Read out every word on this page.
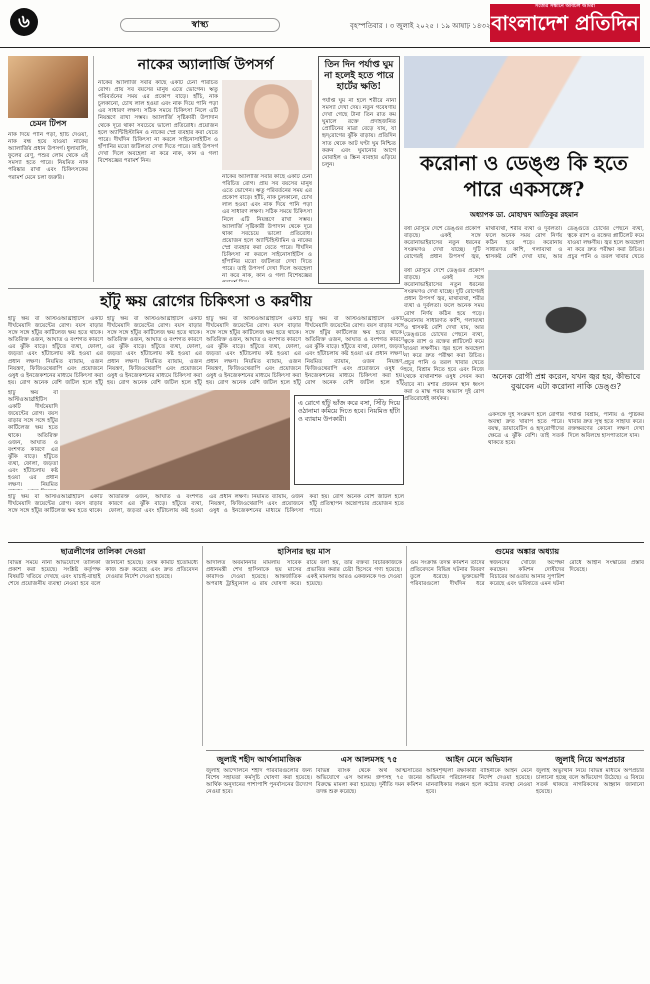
৬	স্বাস্থ্য	বৃহস্পতিবার । ৩ জুলাই ২০২৫ । ১৯ আষাঢ় ১৪৩২
সত্যের সন্ধানে অবিচল আমরা
বাংলাদেশ প্রতিদিন
চেমন টিপস
নাক দিয়ে পানি পড়া, হাঁচি দেওয়া, নাক বন্ধ হয়ে যাওয়া নাকের অ্যালার্জির প্রধান উপসর্গ। ধুলাবালি, ফুলের রেণু, পশুর লোম থেকে এই সমস্যা হতে পারে। নিয়মিত নাক পরিষ্কার রাখা এবং চিকিৎসকের পরামর্শ মেনে চলা জরুরি।
নাকের অ্যালার্জি উপসর্গ
নাকের অ্যালার্জি সবার কাছে একটি চেনা পরিচিত রোগ। প্রায় সব বয়সের মানুষ এতে ভোগেন। ঋতু পরিবর্তনের সময় এর প্রকোপ বাড়ে। হাঁচি, নাক চুলকানো, চোখ লাল হওয়া এবং নাক দিয়ে পানি পড়া এর সাধারণ লক্ষণ। সঠিক সময়ে চিকিৎসা নিলে এটি নিয়ন্ত্রণে রাখা সম্ভব। অ্যালার্জি সৃষ্টিকারী উপাদান থেকে দূরে থাকা সবচেয়ে ভালো প্রতিরোধ। প্রয়োজন হলে অ্যান্টিহিস্টামিন ও নাকের স্প্রে ব্যবহার করা যেতে পারে। দীর্ঘদিন চিকিৎসা না করলে সাইনোসাইটিস ও হাঁপানির মতো জটিলতা দেখা দিতে পারে। তাই উপসর্গ দেখা দিলে অবহেলা না করে নাক, কান ও গলা বিশেষজ্ঞের পরামর্শ নিন।
নাকের অ্যালার্জি সবার কাছে একটি চেনা পরিচিত রোগ। প্রায় সব বয়সের মানুষ এতে ভোগেন। ঋতু পরিবর্তনের সময় এর প্রকোপ বাড়ে। হাঁচি, নাক চুলকানো, চোখ লাল হওয়া এবং নাক দিয়ে পানি পড়া এর সাধারণ লক্ষণ। সঠিক সময়ে চিকিৎসা নিলে এটি নিয়ন্ত্রণে রাখা সম্ভব। অ্যালার্জি সৃষ্টিকারী উপাদান থেকে দূরে থাকা সবচেয়ে ভালো প্রতিরোধ। প্রয়োজন হলে অ্যান্টিহিস্টামিন ও নাকের স্প্রে ব্যবহার করা যেতে পারে। দীর্ঘদিন চিকিৎসা না করলে সাইনোসাইটিস ও হাঁপানির মতো জটিলতা দেখা দিতে পারে। তাই উপসর্গ দেখা দিলে অবহেলা না করে নাক, কান ও গলা বিশেষজ্ঞের
তিন দিন পর্যাপ্ত ঘুম না হলেই হতে পারে হার্টের ক্ষতি!
পর্যাপ্ত ঘুম না হলে শরীরে নানা সমস্যা দেখা দেয়। নতুন গবেষণায় দেখা গেছে টানা তিন রাত কম ঘুমালে রক্তে প্রদাহজনিত প্রোটিনের মাত্রা বেড়ে যায়, যা হৃদ্‌রোগের ঝুঁকি বাড়ায়। প্রতিদিন সাত থেকে আট ঘণ্টা ঘুম নিশ্চিত করুন এবং ঘুমানোর আগে মোবাইল ও স্ক্রিন ব্যবহার এড়িয়ে চলুন।	করোনা ও ডেঙ্গু কি হতে পারে একসঙ্গে?
অধ্যাপক ডা. মোহাম্মদ আতিকুর রহমান
হাঁটু ক্ষয় রোগের চিকিৎসা ও করণীয়
হাঁটু ক্ষয় বা অস্টিওআর্থ্রাইটিস একটি দীর্ঘমেয়াদি জয়েন্টের রোগ। বয়স বাড়ার সঙ্গে সঙ্গে হাঁটুর কার্টিলেজ ক্ষয় হতে থাকে। অতিরিক্ত ওজন, আঘাত ও বংশগত কারণে এর ঝুঁকি বাড়ে। হাঁটুতে ব্যথা, ফোলা, জড়তা এবং হাঁটাচলায় কষ্ট হওয়া এর প্রধান লক্ষণ। নিয়মিত ব্যায়াম, ওজন নিয়ন্ত্রণ, ফিজিওথেরাপি এবং প্রয়োজনে ওষুধ ও ইনজেকশনের মাধ্যমে চিকিৎসা করা হয়। রোগ অনেক বেশি জটিল হলে হাঁটু
হাঁটু ক্ষয় বা অস্টিওআর্থ্রাইটিস একটি দীর্ঘমেয়াদি জয়েন্টের রোগ। বয়স বাড়ার সঙ্গে সঙ্গে হাঁটুর কার্টিলেজ ক্ষয় হতে থাকে। অতিরিক্ত ওজন, আঘাত ও বংশগত কারণে এর ঝুঁকি বাড়ে। হাঁটুতে ব্যথা, ফোলা, জড়তা এবং হাঁটাচলায় কষ্ট হওয়া এর প্রধান লক্ষণ। নিয়মিত ব্যায়াম, ওজন নিয়ন্ত্রণ, ফিজিওথেরাপি এবং প্রয়োজনে ওষুধ ও ইনজেকশনের মাধ্যমে চিকিৎসা করা হয়। রোগ অনেক বেশি জটিল হলে হাঁটু
হাঁটু ক্ষয় বা অস্টিওআর্থ্রাইটিস একটি দীর্ঘমেয়াদি জয়েন্টের রোগ। বয়স বাড়ার সঙ্গে সঙ্গে হাঁটুর কার্টিলেজ ক্ষয় হতে থাকে। অতিরিক্ত ওজন, আঘাত ও বংশগত কারণে এর ঝুঁকি বাড়ে। হাঁটুতে ব্যথা, ফোলা, জড়তা এবং হাঁটাচলায় কষ্ট হওয়া এর প্রধান লক্ষণ। নিয়মিত ব্যায়াম, ওজন নিয়ন্ত্রণ, ফিজিওথেরাপি এবং প্রয়োজনে ওষুধ ও ইনজেকশনের মাধ্যমে চিকিৎসা করা হয়। রোগ অনেক বেশি জটিল হলে হাঁটু
হাঁটু ক্ষয় বা অস্টিওআর্থ্রাইটিস একটি দীর্ঘমেয়াদি জয়েন্টের রোগ। বয়স বাড়ার সঙ্গে সঙ্গে হাঁটুর কার্টিলেজ ক্ষয় হতে থাকে। অতিরিক্ত ওজন, আঘাত ও বংশগত কারণে এর ঝুঁকি বাড়ে। হাঁটুতে ব্যথা, ফোলা, জড়তা এবং হাঁটাচলায় কষ্ট হওয়া এর প্রধান লক্ষণ। নিয়মিত ব্যায়াম, ওজন নিয়ন্ত্রণ, ফিজিওথেরাপি এবং প্রয়োজনে ওষুধ ও ইনজেকশনের মাধ্যমে চিকিৎসা করা হয়। রোগ অনেক বেশি জটিল হলে হাঁটু
হাঁটু ক্ষয় বা অস্টিওআর্থ্রাইটিস একটি দীর্ঘমেয়াদি জয়েন্টের রোগ। বয়স বাড়ার সঙ্গে সঙ্গে হাঁটুর কার্টিলেজ ক্ষয় হতে থাকে। অতিরিক্ত ওজন, আঘাত ও বংশগত কারণে এর ঝুঁকি বাড়ে। হাঁটুতে ব্যথা, ফোলা, জড়তা এবং হাঁটাচলায় কষ্ট হওয়া এর প্রধান লক্ষণ। নিয়মিত
এ রোগে হাঁটু ভাঁজ করে বসা, সিঁড়ি দিয়ে ওঠানামা কমিয়ে দিতে হবে। নিয়মিত হাঁটা ও ব্যায়াম উপকারী।
হাঁটু ক্ষয় বা অস্টিওআর্থ্রাইটিস একটি দীর্ঘমেয়াদি জয়েন্টের রোগ। বয়স বাড়ার সঙ্গে সঙ্গে হাঁটুর কার্টিলেজ ক্ষয় হতে থাকে। অতিরিক্ত ওজন, আঘাত ও বংশগত কারণে এর ঝুঁকি বাড়ে। হাঁটুতে ব্যথা, ফোলা, জড়তা এবং হাঁটাচলায় কষ্ট হওয়া এর প্রধান লক্ষণ। নিয়মিত ব্যায়াম, ওজন নিয়ন্ত্রণ, ফিজিওথেরাপি এবং প্রয়োজনে ওষুধ ও ইনজেকশনের মাধ্যমে চিকিৎসা করা হয়। রোগ অনেক বেশি জটিল হলে হাঁটু প্রতিস্থাপন অস্ত্রোপচার প্রয়োজন হতে পারে।
বর্ষা মৌসুমে দেশে ডেঙ্গুর প্রকোপ বাড়ছে। একই সঙ্গে করোনাভাইরাসের নতুন ধরনের সংক্রমণও দেখা যাচ্ছে। দুটি রোগেরই প্রধান উপসর্গ জ্বর, মাথাব্যথা, শরীর ব্যথা ও দুর্বলতা। ফলে অনেক সময় রোগ নির্ণয় কঠিন হয়ে পড়ে। করোনায় সাধারণত কাশি, গলাব্যথা ও শ্বাসকষ্ট বেশি দেখা যায়, আর ডেঙ্গুতে চোখের পেছনে ব্যথা, ত্বকে র‍্যাশ ও রক্তের প্লাটিলেট কমে যাওয়া লক্ষণীয়। জ্বর হলে অবহেলা না করে দ্রুত পরীক্ষা করা উচিত। প্রচুর পানি ও তরল খাবার খেতে
বর্ষা মৌসুমে দেশে ডেঙ্গুর প্রকোপ বাড়ছে। একই সঙ্গে করোনাভাইরাসের নতুন ধরনের সংক্রমণও দেখা যাচ্ছে। দুটি রোগেরই প্রধান উপসর্গ জ্বর, মাথাব্যথা, শরীর ব্যথা ও দুর্বলতা। ফলে অনেক সময় রোগ নির্ণয় কঠিন হয়ে পড়ে। করোনায় সাধারণত কাশি, গলাব্যথা ও শ্বাসকষ্ট বেশি দেখা যায়, আর ডেঙ্গুতে চোখের পেছনে ব্যথা, ত্বকে র‍্যাশ ও রক্তের প্লাটিলেট কমে যাওয়া লক্ষণীয়। জ্বর হলে অবহেলা না করে দ্রুত পরীক্ষা করা উচিত। প্রচুর পানি ও তরল খাবার খেতে হবে, বিশ্রাম নিতে হবে এবং নিজে থেকে ব্যথানাশক ওষুধ সেবন করা যাবে না। মশার প্রজনন স্থান ধ্বংস করা ও মাস্ক পরার অভ্যাস দুই রোগ প্রতিরোধেই কার্যকর।
অনেক রোগী প্রশ্ন করেন, যখন জ্বর হয়, কীভাবে বুঝবেন এটা করোনা নাকি ডেঙ্গু?
একসঙ্গে দুই সংক্রমণ হলে রোগীর অবস্থা দ্রুত খারাপ হতে পারে। বয়স্ক, ডায়াবেটিস ও হৃদ্‌রোগীদের ক্ষেত্রে এ ঝুঁকি বেশি। তাই সতর্ক থাকতে হবে।
পর্যাপ্ত বিশ্রাম, পানীয় ও পুষ্টিকর খাবার দ্রুত সুস্থ হতে সাহায্য করে। রক্তক্ষরণের কোনো লক্ষণ দেখা দিলে অবিলম্বে হাসপাতালে যান।
ছাত্রলীগের তালিকা দেওয়া
বিভিন্ন সময়ে নানা অভিযোগে তালিকা প্রকাশ করা হয়েছে। সংশ্লিষ্ট কর্তৃপক্ষ বিষয়টি খতিয়ে দেখছে এবং যাচাই-বাছাই শেষে প্রয়োজনীয় ব্যবস্থা নেওয়া হবে বলে জানানো হয়েছে। তদন্ত কমিটি ইতোমধ্যে কাজ শুরু করেছে এবং দ্রুত প্রতিবেদন দেওয়ার নির্দেশ দেওয়া হয়েছে।
হাসিনার ছয় মাস
আদালত অবমাননার মামলায় সাবেক প্রধানমন্ত্রী শেখ হাসিনাকে ছয় মাসের কারাদণ্ড দেওয়া হয়েছে। আন্তর্জাতিক অপরাধ ট্রাইব্যুনাল এ রায় ঘোষণা করে। রায়ে বলা হয়, তাঁর বক্তব্য বিচারকাজকে প্রভাবিত করার চেষ্টা হিসেবে গণ্য হয়েছে। একই মামলায় আরও একজনকে দণ্ড দেওয়া হয়েছে।
গুমের অঙ্কার অধ্যায়
গুম সংক্রান্ত তদন্ত কমিশন তাদের প্রতিবেদনে বিভিন্ন ঘটনার বিবরণ তুলে ধরেছে। ভুক্তভোগী পরিবারগুলো দীর্ঘদিন ধরে স্বজনদের খোঁজে অপেক্ষা করছেন। কমিশন দোষীদের বিচারের আওতায় আনার সুপারিশ করেছে এবং ভবিষ্যতে এমন ঘটনা রোধে আইনি সংস্কারের প্রস্তাব দিয়েছে।
জুলাই শহীদ আর্থসামাজিক
জুলাই আন্দোলনে শহীদ পরিবারগুলোর জন্য বিশেষ সহায়তা কর্মসূচি ঘোষণা করা হয়েছে। আর্থিক অনুদানের পাশাপাশি পুনর্বাসনের উদ্যোগ নেওয়া হবে।
এস আলমসহ ৭৫
বিভিন্ন ব্যাংক থেকে অর্থ আত্মসাতের অভিযোগে এস আলম গ্রুপসহ ৭৫ জনের বিরুদ্ধে মামলা করা হয়েছে। দুর্নীতি দমন কমিশন তদন্ত শুরু করেছে।
আইন মেনে অভিযান
আইনশৃঙ্খলা রক্ষাকারী বাহিনীকে আইন মেনে অভিযান পরিচালনার নির্দেশ দেওয়া হয়েছে। মানবাধিকার লঙ্ঘন হলে কঠোর ব্যবস্থা নেওয়া হবে।
জুলাই নিয়ে অপপ্রচার
জুলাই অভ্যুত্থান নিয়ে বিভিন্ন মাধ্যমে অপপ্রচার চালানো হচ্ছে বলে অভিযোগ উঠেছে। এ বিষয়ে সতর্ক থাকতে নাগরিকদের আহ্বান জানানো হয়েছে।
